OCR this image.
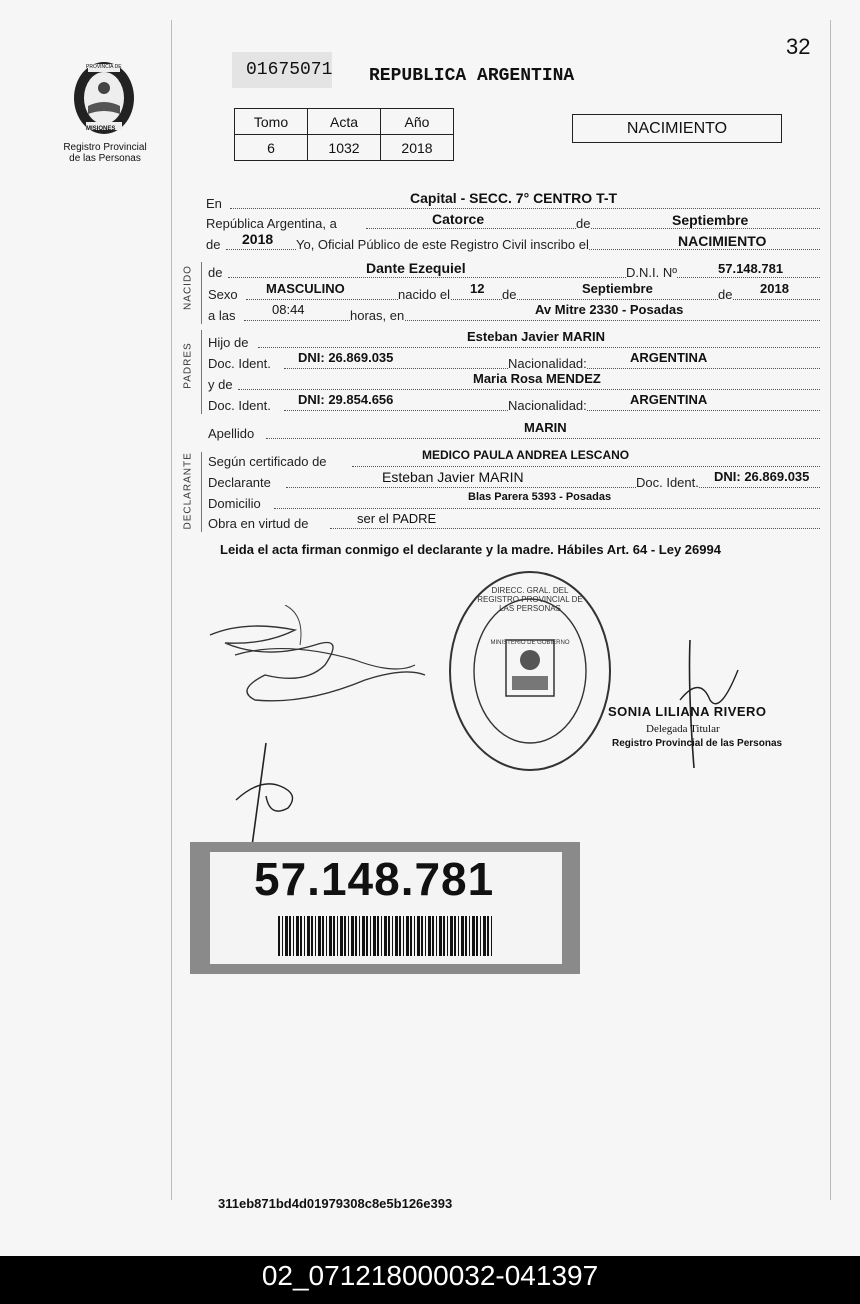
32
PROVINCIA DE
MISIONES
Registro Provincial
de las Personas
01675071 REPUBLICA ARGENTINA
Tomo	Acta	Año
6	1032	2018
NACIMIENTO
En	Capital - SECC. 7° CENTRO T-T
República Argentina, a	Catorce	de	Septiembre
de 2018 Yo, Oficial Público de este Registro Civil inscribo el	NACIMIENTO
NACIDO de	Dante Ezequiel	D.N.I. Nº	57.148.781
Sexo MASCULINO	nacido el 12 de	Septiembre	de 2018
a las	08:44	horas, en	Av Mitre 2330 - Posadas
PADRES Hijo de	Esteban Javier MARIN
Doc. Ident. DNI: 26.869.035	Nacionalidad:	ARGENTINA
y de	Maria Rosa MENDEZ
Doc. Ident. DNI: 29.854.656	Nacionalidad:	ARGENTINA
Apellido	MARIN
DECLARANTE Según certificado de	MEDICO PAULA ANDREA LESCANO
Declarante	Esteban Javier MARIN	Doc. Ident. DNI: 26.869.035
Domicilio	Blas Parera 5393 - Posadas
Obra en virtud de	ser el PADRE
Leida el acta firman conmigo el declarante y la madre. Hábiles Art. 64 - Ley 26994
DIRECC. GRAL. DEL REGISTRO PROVINCIAL DE LAS PERSONAS
MINISTERIO DE GOBIERNO
SONIA LILIANA RIVERO
Delegada Titular
Registro Provincial de las Personas
57.148.781
311eb871bd4d01979308c8e5b126e393
02_071218000032-041397
